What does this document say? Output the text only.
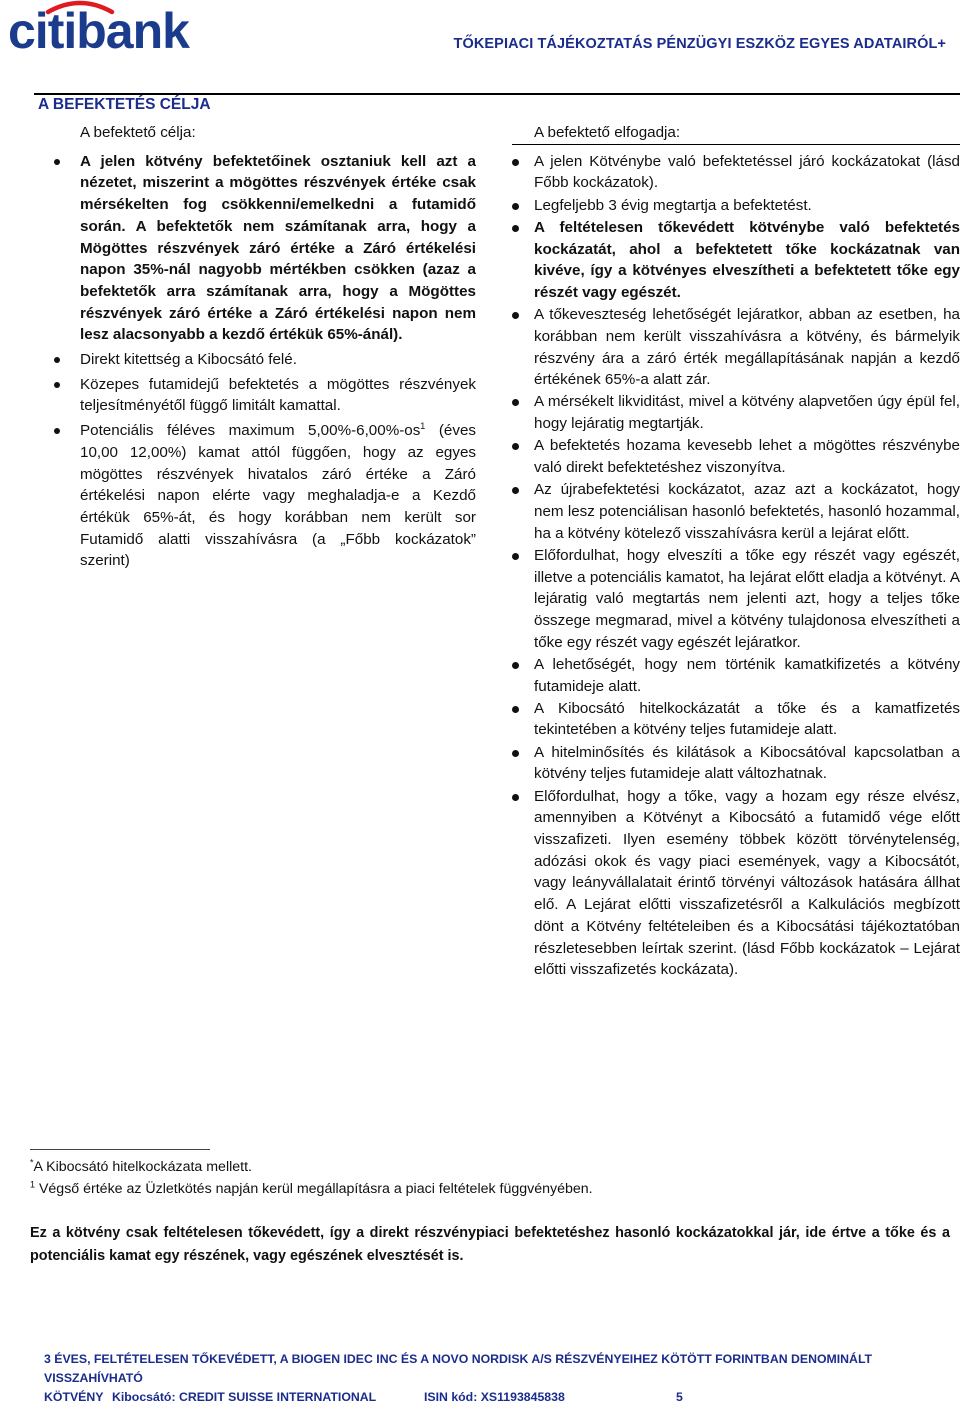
citibank	TŐKEPIACI TÁJÉKOZTATÁS PÉNZÜGYI ESZKÖZ EGYES ADATAIRÓL+
A BEFEKTETÉS CÉLJA
A befektető célja:
A jelen kötvény befektetőinek osztaniuk kell azt a nézetet, miszerint a mögöttes részvények értéke csak mérsékelten fog csökkenni/emelkedni a futamidő során. A befektetők nem számítanak arra, hogy a Mögöttes részvények záró értéke a Záró értékelési napon 35%-nál nagyobb mértékben csökken (azaz a befektetők arra számítanak arra, hogy a Mögöttes részvények záró értéke a Záró értékelési napon nem lesz alacsonyabb a kezdő értékük 65%-ánál).
Direkt kitettség a Kibocsátó felé.
Közepes futamidejű befektetés a mögöttes részvények teljesítményétől függő limitált kamattal.
Potenciális féléves maximum $5,00\%-6,00\%-os^1$ (éves 10,00 12,00%) kamat attól függően, hogy az egyes mögöttes részvények hivatalos záró értéke a Záró értékelési napon elérte vagy meghaladja-e a Kezdő értékük 65%-át, és hogy korábban nem került sor Futamidő alatti visszahívásra (a „Főbb kockázatok” szerint)
A befektető elfogadja:
A jelen Kötvénybe való befektetéssel járó kockázatokat (lásd Főbb kockázatok).
Legfeljebb 3 évig megtartja a befektetést.
A feltételesen tőkevédett kötvénybe való befektetés kockázatát, ahol a befektetett tőke kockázatnak van kivéve, így a kötvényes elveszítheti a befektetett tőke egy részét vagy egészét.
A tőkeveszteség lehetőségét lejáratkor, abban az esetben, ha korábban nem került visszahívásra a kötvény, és bármelyik részvény ára a záró érték megállapításának napján a kezdő értékének 65%-a alatt zár.
A mérsékelt likviditást, mivel a kötvény alapvetően úgy épül fel, hogy lejáratig megtartják.
A befektetés hozama kevesebb lehet a mögöttes részvénybe való direkt befektetéshez viszonyítva.
Az újrabefektetési kockázatot, azaz azt a kockázatot, hogy nem lesz potenciálisan hasonló befektetés, hasonló hozammal, ha a kötvény kötelező visszahívásra kerül a lejárat előtt.
Előfordulhat, hogy elveszíti a tőke egy részét vagy egészét, illetve a potenciális kamatot, ha lejárat előtt eladja a kötvényt. A lejáratig való megtartás nem jelenti azt, hogy a teljes tőke összege megmarad, mivel a kötvény tulajdonosa elveszítheti a tőke egy részét vagy egészét lejáratkor.
A lehetőségét, hogy nem történik kamatkifizetés a kötvény futamideje alatt.
A Kibocsátó hitelkockázatát a tőke és a kamatfizetés tekintetében a kötvény teljes futamideje alatt.
A hitelminősítés és kilátások a Kibocsátóval kapcsolatban a kötvény teljes futamideje alatt változhatnak.
Előfordulhat, hogy a tőke, vagy a hozam egy része elvész, amennyiben a Kötvényt a Kibocsátó a futamidő vége előtt visszafizeti. Ilyen esemény többek között törvénytelenség, adózási okok és vagy piaci események, vagy a Kibocsátót, vagy leányvállalatait érintő törvényi változások hatására állhat elő. A Lejárat előtti visszafizetésről a Kalkulációs megbízott dönt a Kötvény feltételeiben és a Kibocsátási tájékoztatóban részletesebben leírtak szerint. (lásd Főbb kockázatok – Lejárat előtti visszafizetés kockázata).
*A Kibocsátó hitelkockázata mellett.
$^1$ Végső értéke az Üzletkötés napján kerül megállapításra a piaci feltételek függvényében.
Ez a kötvény csak feltételesen tőkevédett, így a direkt részvénypiaci befektetéshez hasonló kockázatokkal jár, ide értve a tőke és a potenciális kamat egy részének, vagy egészének elvesztését is.
3 ÉVES, FELTÉTELESEN TŐKEVÉDETT, A BIOGEN IDEC INC ÉS A NOVO NORDISK A/S RÉSZVÉNYEIHEZ KÖTÖTT FORINTBAN DENOMINÁLT VISSZAHÍVHATÓ
KÖTVÉNY Kibocsátó: CREDIT SUISSE INTERNATIONAL	ISIN kód: XS1193845838	5
